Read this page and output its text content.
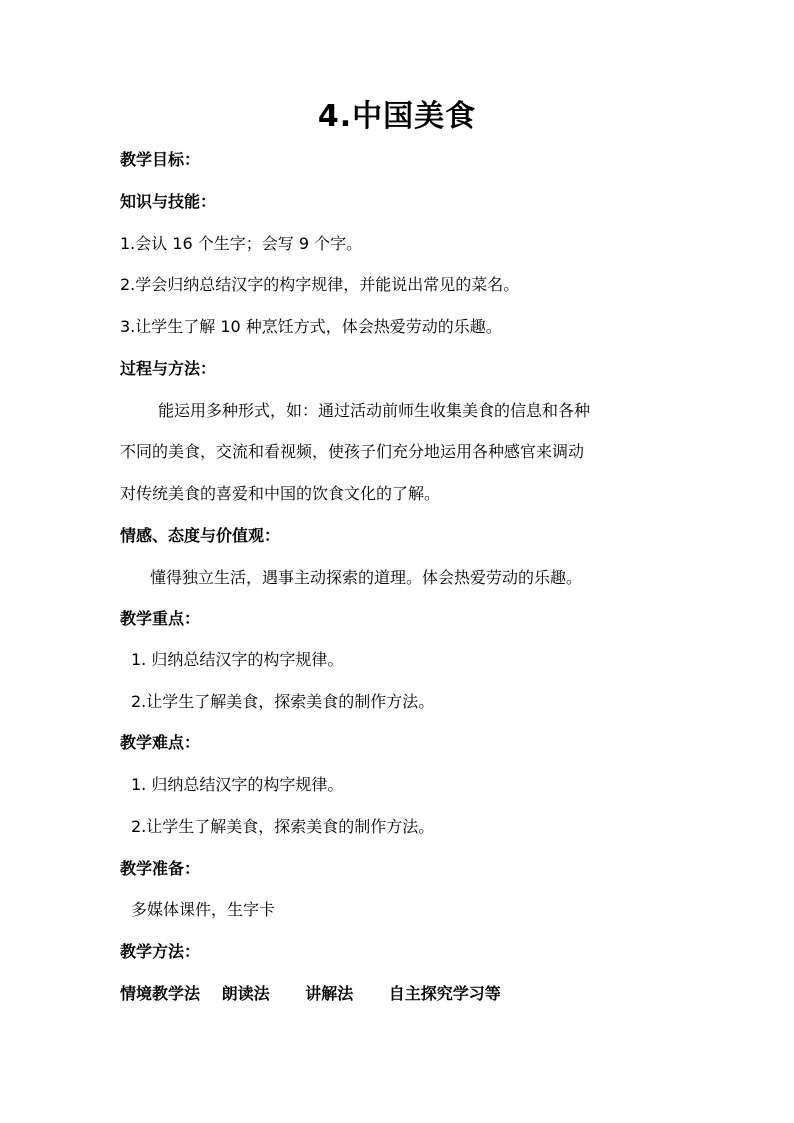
4.中国美食
教学目标：
知识与技能：
1.会认 16 个生字；会写 9 个字。
2.学会归纳总结汉字的构字规律，并能说出常见的菜名。
3.让学生了解 10 种烹饪方式，体会热爱劳动的乐趣。
过程与方法：
能运用多种形式，如：通过活动前师生收集美食的信息和各种
不同的美食，交流和看视频，使孩子们充分地运用各种感官来调动
对传统美食的喜爱和中国的饮食文化的了解。
情感、态度与价值观：
懂得独立生活，遇事主动探索的道理。体会热爱劳动的乐趣。
教学重点：
1. 归纳总结汉字的构字规律。
2.让学生了解美食，探索美食的制作方法。
教学难点：
1. 归纳总结汉字的构字规律。
2.让学生了解美食，探索美食的制作方法。
教学准备：
多媒体课件，生字卡
教学方法：
情境教学法 朗读法 讲解法 自主探究学习等
